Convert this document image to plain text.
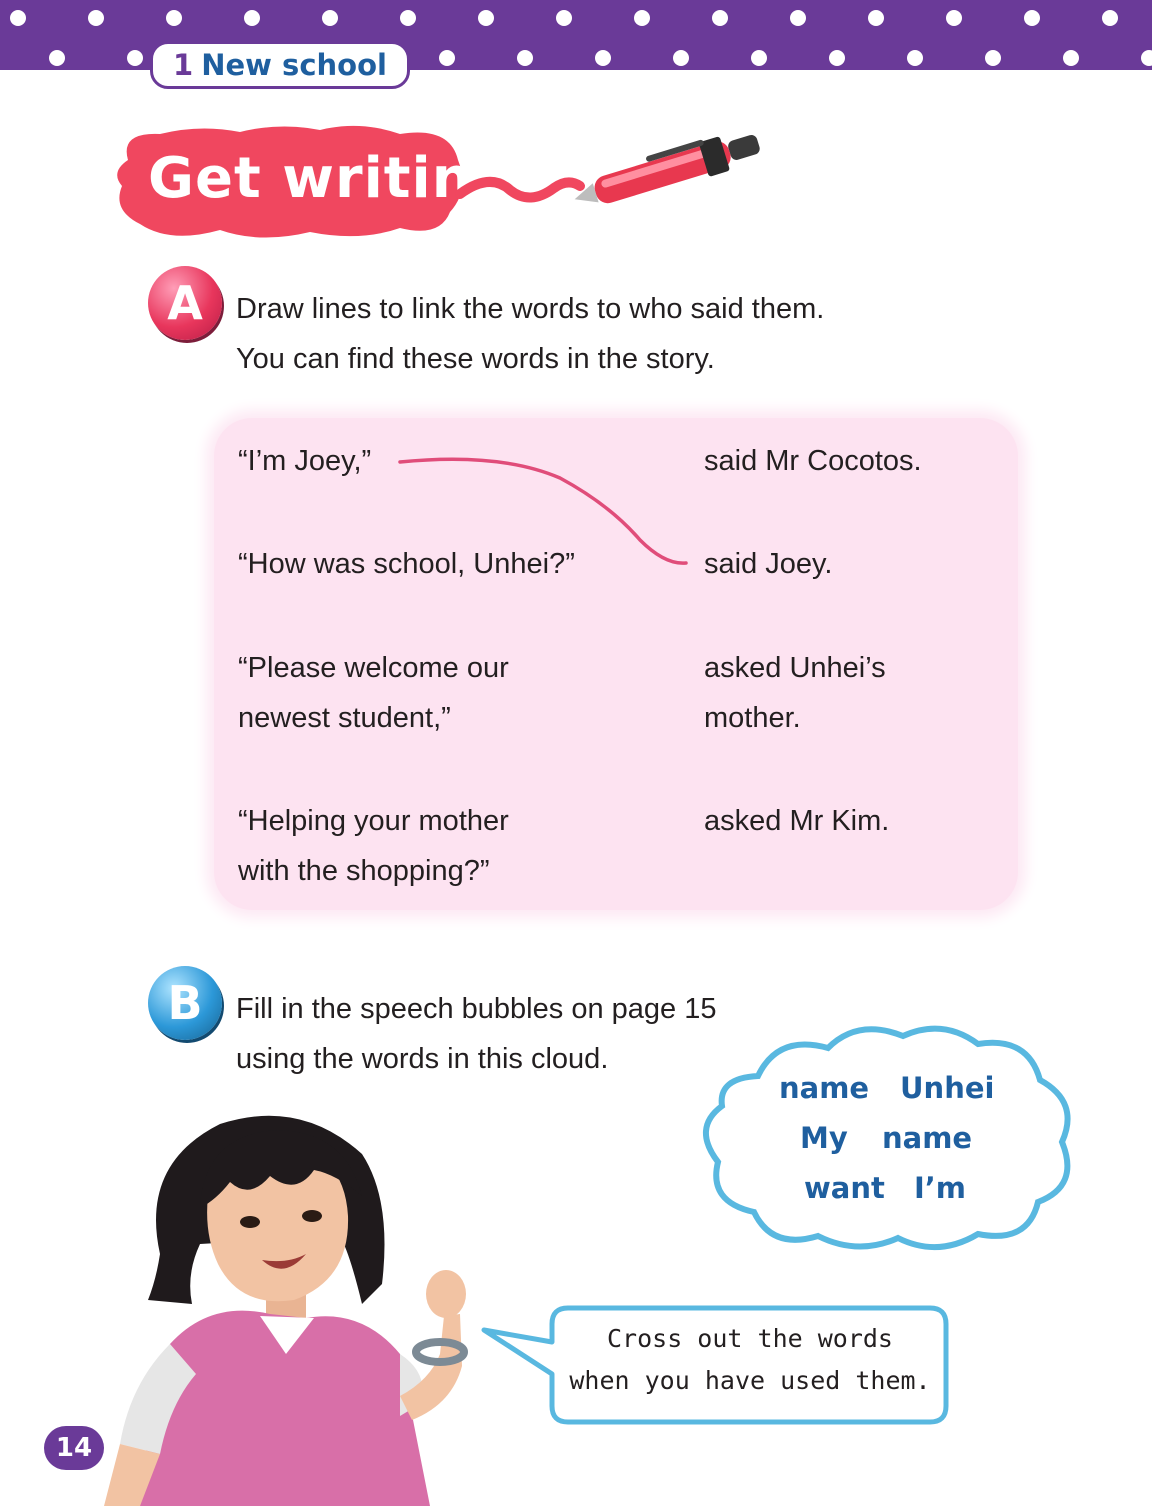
1 New school
Get writing
A	Draw lines to link the words to who said them.
You can find these words in the story.
“I’m Joey,”
“How was school, Unhei?”
“Please welcome our
newest student,”
“Helping your mother
with the shopping?”
said Mr Cocotos.
said Joey.
asked Unhei’s
mother.
asked Mr Kim.
B	Fill in the speech bubbles on page 15
using the words in this cloud.
name Unhei
My name
want I’m
Cross out the words
when you have used them.
14
